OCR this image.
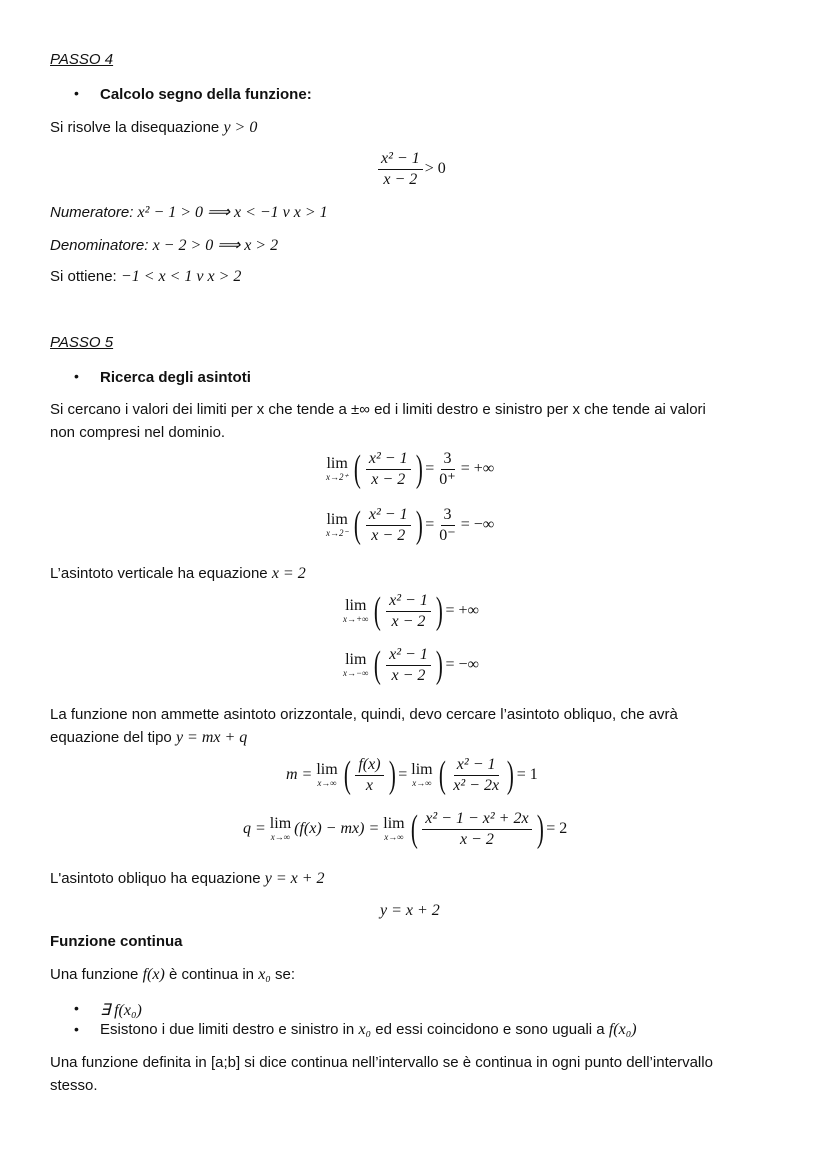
PASSO 4
• Calcolo segno della funzione:
Si risolve la disequazione y > 0
$\frac{\text{x² − 1}}{x - 2} > 0$
Numeratore: x² − 1 > 0 ⟹ x < −1 v x > 1
Denominatore: x − 2 > 0 ⟹ x > 2
Si ottiene: −1 < x < 1 v x > 2
PASSO 5
• Ricerca degli asintoti
Si cercano i valori dei limiti per x che tende a ±∞ ed i limiti destro e sinistro per x che tende ai valori
non compresi nel dominio.
lim
x→2⁺ ( $\frac{\text{x² − 1}}{x - 2}$ ) = $\frac{3}{0^+}$ = +∞
lim
x→2⁻ ( $\frac{\text{x² − 1}}{x - 2}$ ) = $\frac{3}{0^-}$ = −∞
L’asintoto verticale ha equazione x = 2
lim
x→+∞ ( $\frac{\text{x² − 1}}{x - 2}$ ) = +∞
lim
x→−∞ ( $\frac{\text{x² − 1}}{x - 2}$ ) = −∞
La funzione non ammette asintoto orizzontale, quindi, devo cercare l’asintoto obliquo, che avrà
equazione del tipo y = mx + q
m =
lim
x→∞ ( $\frac{f(x)}{x}$ ) =
lim
x→∞ ( $\frac{\text{x² − 1}}{\text{x² − 2x}}$ ) = 1
q =
lim
x→∞ (f(x) − mx) =
lim
x→∞ ( $\frac{\text{x² − 1 − x² + 2x}}{x - 2}$ ) = 2
L'asintoto obliquo ha equazione y = x + 2
y = x + 2
Funzione continua
Una funzione f(x) è continua in x₀ se:
• ∃ f(x₀)
• Esistono i due limiti destro e sinistro in x₀ ed essi coincidono e sono uguali a f(x₀)
Una funzione definita in [a;b] si dice continua nell’intervallo se è continua in ogni punto dell’intervallo
stesso.
